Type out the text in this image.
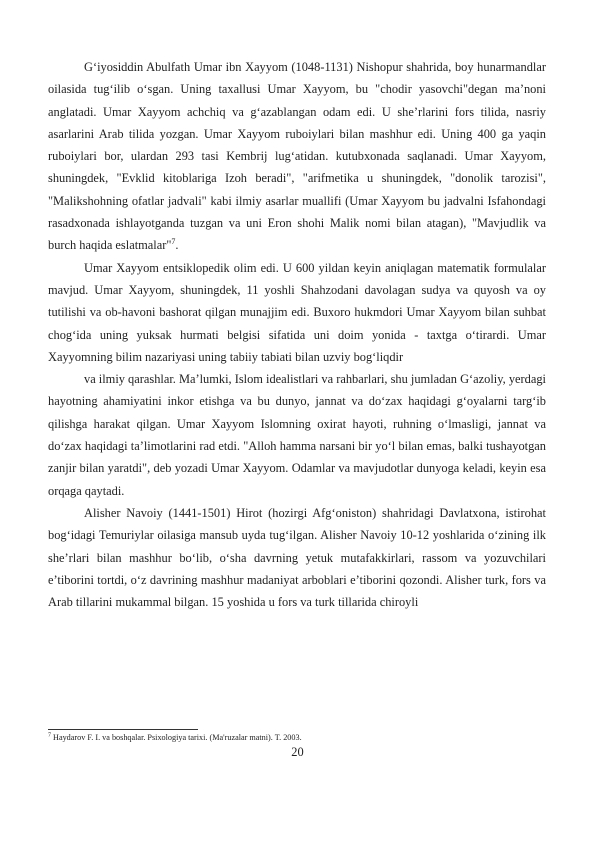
G‘iyosiddin Abulfath Umar ibn Xayyom (1048-1131) Nishopur shahrida, boy hunarmandlar oilasida tug‘ilib o‘sgan. Uning taxallusi Umar Xayyom, bu "chodir yasovchi"degan ma’noni anglatadi. Umar Xayyom achchiq va g‘azablangan odam edi. U she’rlarini fors tilida, nasriy asarlarini Arab tilida yozgan. Umar Xayyom ruboiylari bilan mashhur edi. Uning 400 ga yaqin ruboiylari bor, ulardan 293 tasi Kembrij lug‘atidan. kutubxonada saqlanadi. Umar Xayyom, shuningdek, "Evklid kitoblariga Izoh beradi", "arifmetika u shuningdek, "donolik tarozisi", "Malikshohning ofatlar jadvali" kabi ilmiy asarlar muallifi (Umar Xayyom bu jadvalni Isfahondagi rasadxonada ishlayotganda tuzgan va uni Eron shohi Malik nomi bilan atagan), "Mavjudlik va burch haqida eslatmalar"$^7$.

Umar Xayyom entsiklopedik olim edi. U 600 yildan keyin aniqlagan matematik formulalar mavjud. Umar Xayyom, shuningdek, 11 yoshli Shahzodani davolagan sudya va quyosh va oy tutilishi va ob-havoni bashorat qilgan munajjim edi. Buxoro hukmdori Umar Xayyom bilan suhbat chog‘ida uning yuksak hurmati belgisi sifatida uni doim yonida - taxtga o‘tirardi. Umar Xayyomning bilim nazariyasi uning tabiiy tabiati bilan uzviy bog‘liqdir

va ilmiy qarashlar. Ma’lumki, Islom idealistlari va rahbarlari, shu jumladan G‘azoliy, yerdagi hayotning ahamiyatini inkor etishga va bu dunyo, jannat va do‘zax haqidagi g‘oyalarni targ‘ib qilishga harakat qilgan. Umar Xayyom Islomning oxirat hayoti, ruhning o‘lmasligi, jannat va do‘zax haqidagi ta’limotlarini rad etdi. "Alloh hamma narsani bir yo‘l bilan emas, balki tushayotgan zanjir bilan yaratdi", deb yozadi Umar Xayyom. Odamlar va mavjudotlar dunyoga keladi, keyin esa orqaga qaytadi.

Alisher Navoiy (1441-1501) Hirot (hozirgi Afg‘oniston) shahridagi Davlatxona, istirohat bog‘idagi Temuriylar oilasiga mansub uyda tug‘ilgan. Alisher Navoiy 10-12 yoshlarida o‘zining ilk she’rlari bilan mashhur bo‘lib, o‘sha davrning yetuk mutafakkirlari, rassom va yozuvchilari e’tiborini tortdi, o‘z davrining mashhur madaniyat arboblari e’tiborini qozondi. Alisher turk, fors va Arab tillarini mukammal bilgan. 15 yoshida u fors va turk tillarida chiroyli

$^7$ Haydarov F. I. va boshqalar. Psixologiya tarixi. (Ma'ruzalar matni). T. 2003.
20
